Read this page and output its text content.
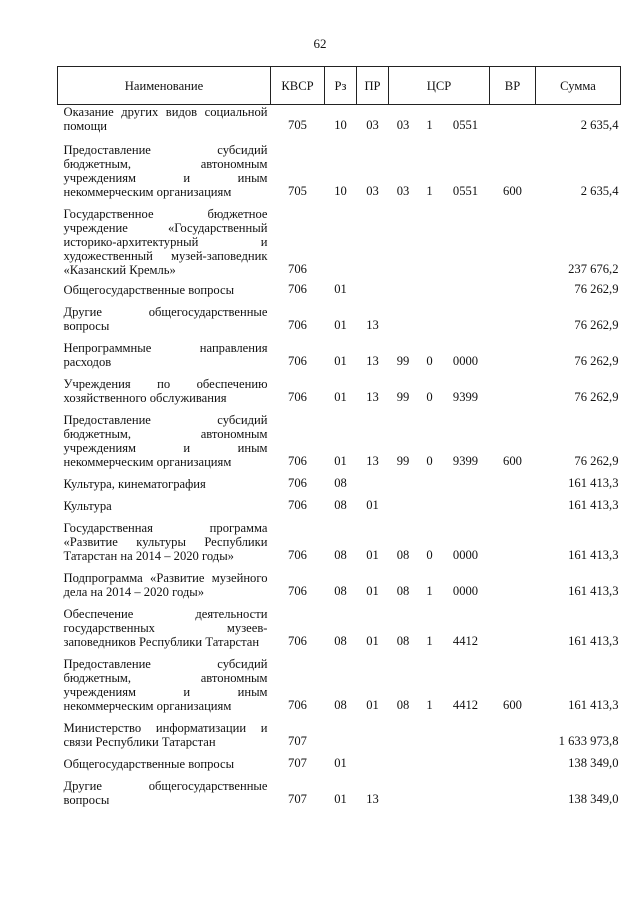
62
Наименование	КВСР	Рз	ПР	ЦСР			ВР	Сумма
Оказание других видов социальной помощи	705	10	03	03	1	0551		2 635,4
Предоставление субсидий бюджетным, автономным учреждениям и иным некоммерческим организациям	705	10	03	03	1	0551	600	2 635,4
Государственное бюджетное учреждение «Государственный историко-архитектурный и художественный музей-заповедник «Казанский Кремль»	706							237 676,2
Общегосударственные вопросы	706	01						76 262,9
Другие общегосударственные вопросы	706	01	13					76 262,9
Непрограммные направления расходов	706	01	13	99	0	0000		76 262,9
Учреждения по обеспечению хозяйственного обслуживания	706	01	13	99	0	9399		76 262,9
Предоставление субсидий бюджетным, автономным учреждениям и иным некоммерческим организациям	706	01	13	99	0	9399	600	76 262,9
Культура, кинематография	706	08						161 413,3
Культура	706	08	01					161 413,3
Государственная программа «Развитие культуры Республики Татарстан на 2014 – 2020 годы»	706	08	01	08	0	0000		161 413,3
Подпрограмма «Развитие музейного дела на 2014 – 2020 годы»	706	08	01	08	1	0000		161 413,3
Обеспечение деятельности государственных музеев-заповедников Республики Татарстан	706	08	01	08	1	4412		161 413,3
Предоставление субсидий бюджетным, автономным учреждениям и иным некоммерческим организациям	706	08	01	08	1	4412	600	161 413,3
Министерство информатизации и связи Республики Татарстан	707							1 633 973,8
Общегосударственные вопросы	707	01						138 349,0
Другие общегосударственные вопросы	707	01	13					138 349,0
